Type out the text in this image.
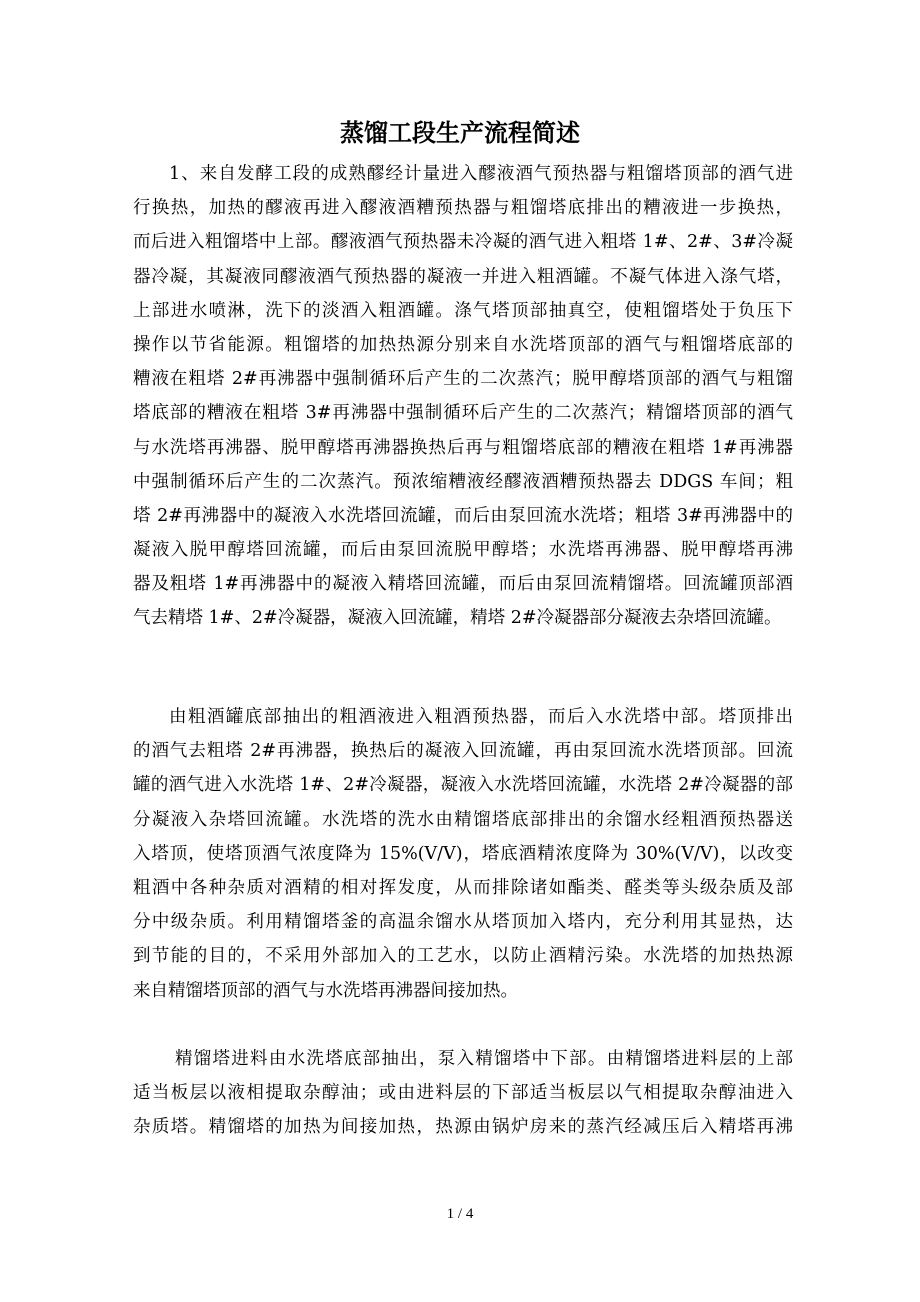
蒸馏工段生产流程简述
1、来自发酵工段的成熟醪经计量进入醪液酒气预热器与粗馏塔顶部的酒气进
行换热，加热的醪液再进入醪液酒糟预热器与粗馏塔底排出的糟液进一步换热，
而后进入粗馏塔中上部。醪液酒气预热器未冷凝的酒气进入粗塔 1#、2#、3#冷凝
器冷凝，其凝液同醪液酒气预热器的凝液一并进入粗酒罐。不凝气体进入涤气塔，
上部进水喷淋，洗下的淡酒入粗酒罐。涤气塔顶部抽真空，使粗馏塔处于负压下
操作以节省能源。粗馏塔的加热热源分别来自水洗塔顶部的酒气与粗馏塔底部的
糟液在粗塔 2#再沸器中强制循环后产生的二次蒸汽；脱甲醇塔顶部的酒气与粗馏
塔底部的糟液在粗塔 3#再沸器中强制循环后产生的二次蒸汽；精馏塔顶部的酒气
与水洗塔再沸器、脱甲醇塔再沸器换热后再与粗馏塔底部的糟液在粗塔 1#再沸器
中强制循环后产生的二次蒸汽。预浓缩糟液经醪液酒糟预热器去 DDGS 车间；粗
塔 2#再沸器中的凝液入水洗塔回流罐，而后由泵回流水洗塔；粗塔 3#再沸器中的
凝液入脱甲醇塔回流罐，而后由泵回流脱甲醇塔；水洗塔再沸器、脱甲醇塔再沸
器及粗塔 1#再沸器中的凝液入精塔回流罐，而后由泵回流精馏塔。回流罐顶部酒
气去精塔 1#、2#冷凝器，凝液入回流罐，精塔 2#冷凝器部分凝液去杂塔回流罐。
由粗酒罐底部抽出的粗酒液进入粗酒预热器，而后入水洗塔中部。塔顶排出
的酒气去粗塔 2#再沸器，换热后的凝液入回流罐，再由泵回流水洗塔顶部。回流
罐的酒气进入水洗塔 1#、2#冷凝器，凝液入水洗塔回流罐，水洗塔 2#冷凝器的部
分凝液入杂塔回流罐。水洗塔的洗水由精馏塔底部排出的余馏水经粗酒预热器送
入塔顶，使塔顶酒气浓度降为 15%(V/V)，塔底酒精浓度降为 30%(V/V)，以改变
粗酒中各种杂质对酒精的相对挥发度，从而排除诸如酯类、醛类等头级杂质及部
分中级杂质。利用精馏塔釜的高温余馏水从塔顶加入塔内，充分利用其显热，达
到节能的目的，不采用外部加入的工艺水，以防止酒精污染。水洗塔的加热热源
来自精馏塔顶部的酒气与水洗塔再沸器间接加热。
精馏塔进料由水洗塔底部抽出，泵入精馏塔中下部。由精馏塔进料层的上部
适当板层以液相提取杂醇油；或由进料层的下部适当板层以气相提取杂醇油进入
杂质塔。精馏塔的加热为间接加热，热源由锅炉房来的蒸汽经减压后入精塔再沸
1 / 4
